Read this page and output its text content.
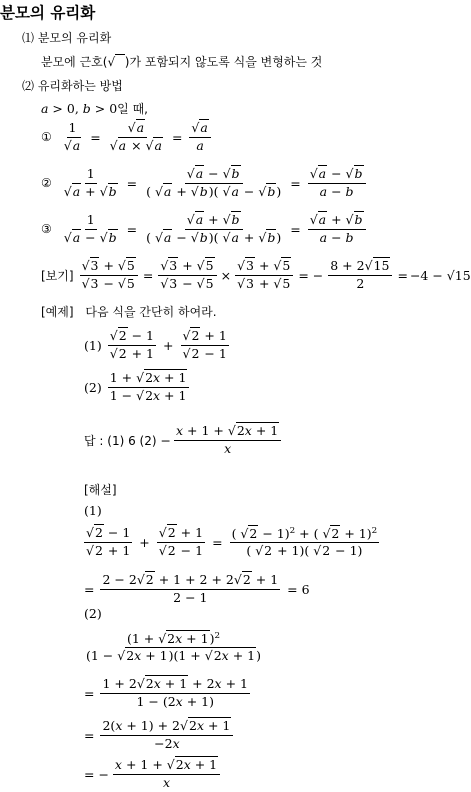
분모의 유리화
⑴ 분모의 유리화
분모에 근호(√ )가 포함되지 않도록 식을 변형하는 것
⑵ 유리화하는 방법
a > 0, b > 0일 때,
① $\frac{1}{√a} = \frac{√a}{√a \times √a} = \frac{√a}{a}$
② $\frac{1}{√a + √b} = \frac{√a - √b}{( √a + √b)( √a - √b)} = \frac{√a - √b}{a - b}$
③ $\frac{1}{√a - √b} = \frac{√a + √b}{( √a - √b)( √a + √b)} = \frac{√a + √b}{a - b}$
[보기] $\frac{√3 + √5}{√3 - √5} = \frac{√3 + √5}{√3 - √5} \times \frac{√3 + √5}{√3 + √5}$ = − $\frac{8 + 2√15}{2} = -4 - √15$
[예제] 다음 식을 간단히 하여라.
$(1) \frac{√2 - 1}{√2 + 1} + \frac{√2 + 1}{√2 - 1}$
$(2) \frac{1 + √2x + 1}{1 - √2x + 1}$
답 : (1) 6 $(2) - \frac{x + 1 + √2x + 1}{x}$
[해설]
(1)
$\frac{√2 - 1}{√2 + 1} + \frac{√2 + 1}{√2 - 1} = \frac{( √2 - 1)^2 + ( √2 + 1)^2}{( √2 + 1)( √2 - 1)}$
= $\frac{2 - 2√2 + 1 + 2 + 2√2 + 1}{2 - 1} = 6$
(2)
$\frac{(1 + √2x + 1)^2}{(1 - √2x + 1)(1 + √2x + 1)}$
= $\frac{1 + 2√2x + 1 + 2x + 1}{1 - (2x + 1)}$
= $\frac{2(x + 1) + 2√2x + 1}{-2x}$
= − $\frac{x + 1 + √2x + 1}{x}$
